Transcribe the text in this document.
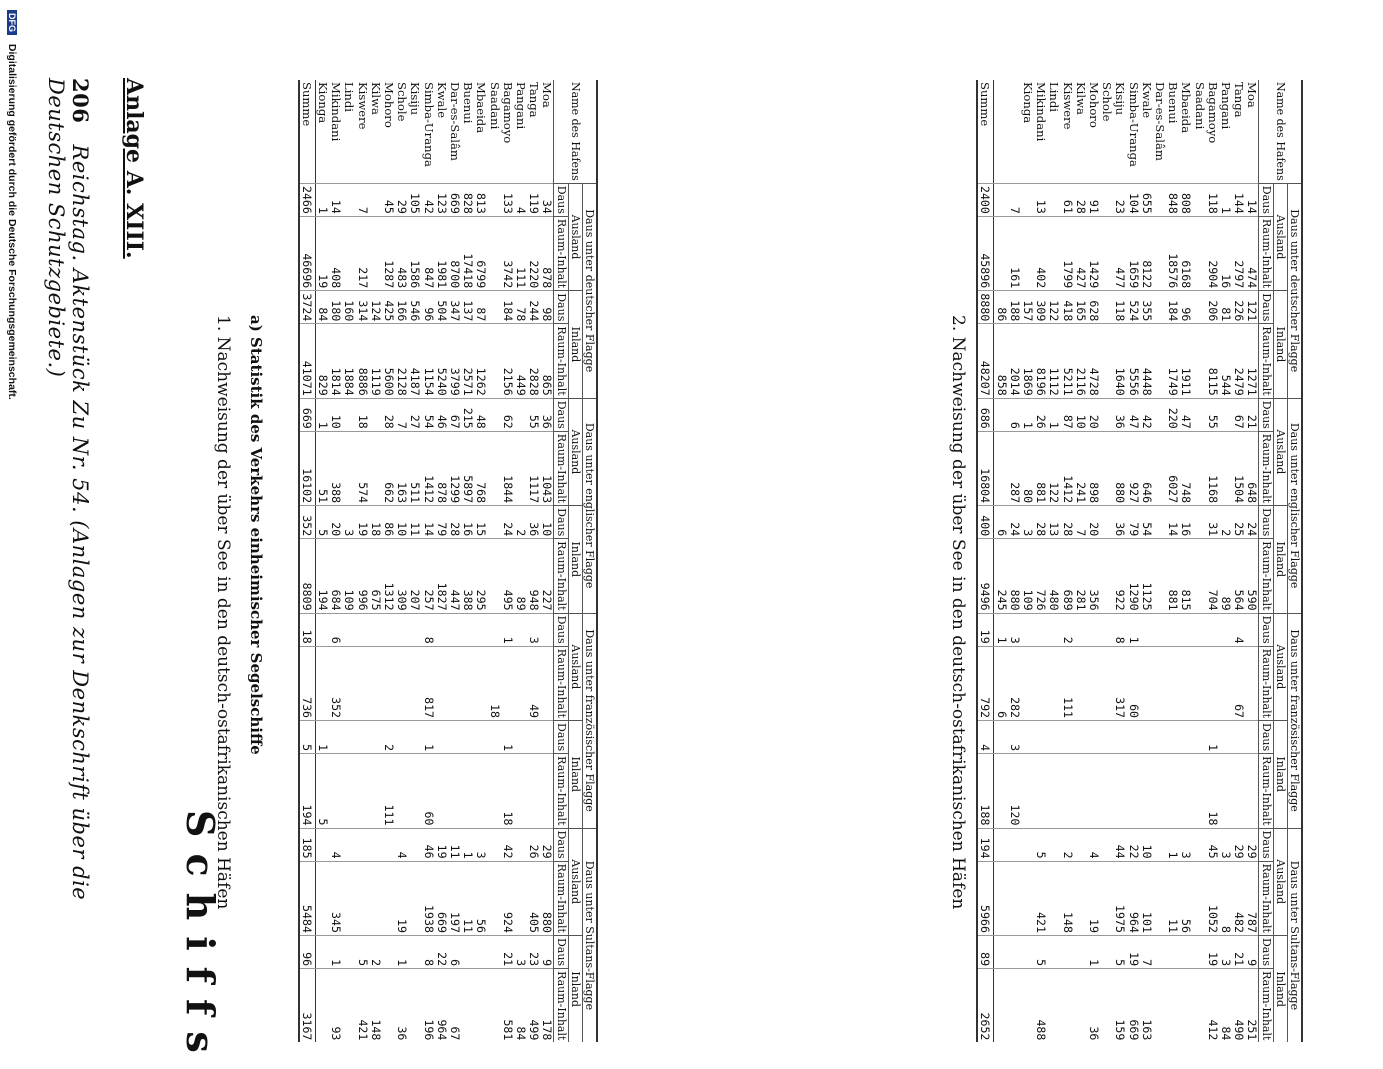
206 Reichstag. Aktenstück Zu Nr. 54. (Anlagen zur Denkschrift über die Deutschen Schutzgebiete.)	Anlage A. XIII.
Schiffs
1. Nachweisung der über See in den deutsch-ostafrikanischen Häfen a) Statistik des Verkehrs einheimischer Segelschiffe
Name des Hafens	Daus unter deutscher Flagge				Daus unter englischer Flagge				Daus unter französischer Flagge				Daus unter Sultans-Flagge			
	Ausland		Inland		Ausland		Inland		Ausland		Inland		Ausland		Inland	
	Daus	Raum-Inhalt	Daus	Raum-Inhalt	Daus	Raum-Inhalt	Daus	Raum-Inhalt	Daus	Raum-Inhalt	Daus	Raum-Inhalt	Daus	Raum-Inhalt	Daus	Raum-Inhalt
Moa	34	878	98	865	36	1043	10	227					29	880	9	178
Tanga	119	2220	244	2828	55	1117	36	948	3	49			26	405	23	499
Pangani	4	111	78	449			2	89							3	84
Bagamoyo	133	3742	184	2156	62	1844	24	495	1		1	18	42	924	21	581
Saadani										18						
Mbaeida	813	6799	87	1262	48	768	15	295					3	56		
Buenui	828	17418	137	2571	215	5897	16	388					1	11		
Dar-es-Salâm	669	8700	347	3799	67	1299	28	447					11	197	6	67
Kwale	123	1981	504	5240	46	878	79	1827					19	669	22	964
Simba-Uranga	42	847	96	1154	54	1412	14	257	8	817	1	60	46	1938	8	196
Kisiju	105	1586	546	4187	27	511	11	207								
Schole	29	483	166	2128	7	163	10	309					4	19	1	36
Mohoro	45	1287	425	5600	28	662	86	1312			2	111				
Kilwa			124	1119			18	675							2	148
Kiswere	7	217	314	8886	18	574	19	996							5	421
Lindi			160	1884			3	109								
Mikindani	14	408	180	1814	10	388	20	684	6	352			4	345	1	93
Kionga	1	19	84	829	1	51	5	194			1	5				
Summe	2466	46696	3724	41071	669	16102	352	8809	18	736	5	194	185	5484	96	3167
2. Nachweisung der über See in den deutsch-ostafrikanischen Häfen
Name des Hafens	Daus unter deutscher Flagge				Daus unter englischer Flagge				Daus unter französischer Flagge				Daus unter Sultans-Flagge			
	Ausland		Inland		Ausland		Inland		Ausland		Inland		Ausland		Inland	
	Daus	Raum-Inhalt	Daus	Raum-Inhalt	Daus	Raum-Inhalt	Daus	Raum-Inhalt	Daus	Raum-Inhalt	Daus	Raum-Inhalt	Daus	Raum-Inhalt	Daus	Raum-Inhalt
Moa	14	474	121	1271	21	648	24	590					29	787	9	251
Tanga	144	2797	226	2479	67	1504	25	564	4	67			29	482	21	490
Pangani	1	16	81	544			2	89					3	8	3	84
Bagamoyo	118	2904	206	8115	55	1168	31	704			1	18	45	1052	19	412
Saadani																
Mbaeida	808	6168	96	1911	47	748	16	815					3	56		
Buenui	848	18576	184	1749	220	6027	14	881					1	11		
Dar-es-Salâm																
Kwale	655	8122	355	4448	42	646	54	1125					10	101	7	163
Simba-Uranga	104	1659	524	5556	47	927	79	1290	1	60			22	964	19	669
Kisiju	23	477	118	1640	36	880	36	922	8	317			44	1975	5	159
Schole																
Mohoro	91	1429	628	4728	20	898	20	356					4	19	1	36
Kilwa	28	427	165	2116	10	241	7	281								
Kiswere	61	1799	418	5211	87	1412	28	689	2	111			2	148		
Lindi			122	1112	1	122	13	480								
Mikindani	13	402	309	8196	26	881	28	726					5	421	5	488
Kionga			157	1869	1	80	3	109								
	7	161	188	2014	6	287	24	880	3	282	3	120				
			86	858			6	245	1	6						
Summe	2400	45896	8880	48207	686	16804	400	9496	19	792	4	188	194	5966	89	2652
DFG Digitalisierung gefördert durch die Deutsche Forschungsgemeinschaft.
